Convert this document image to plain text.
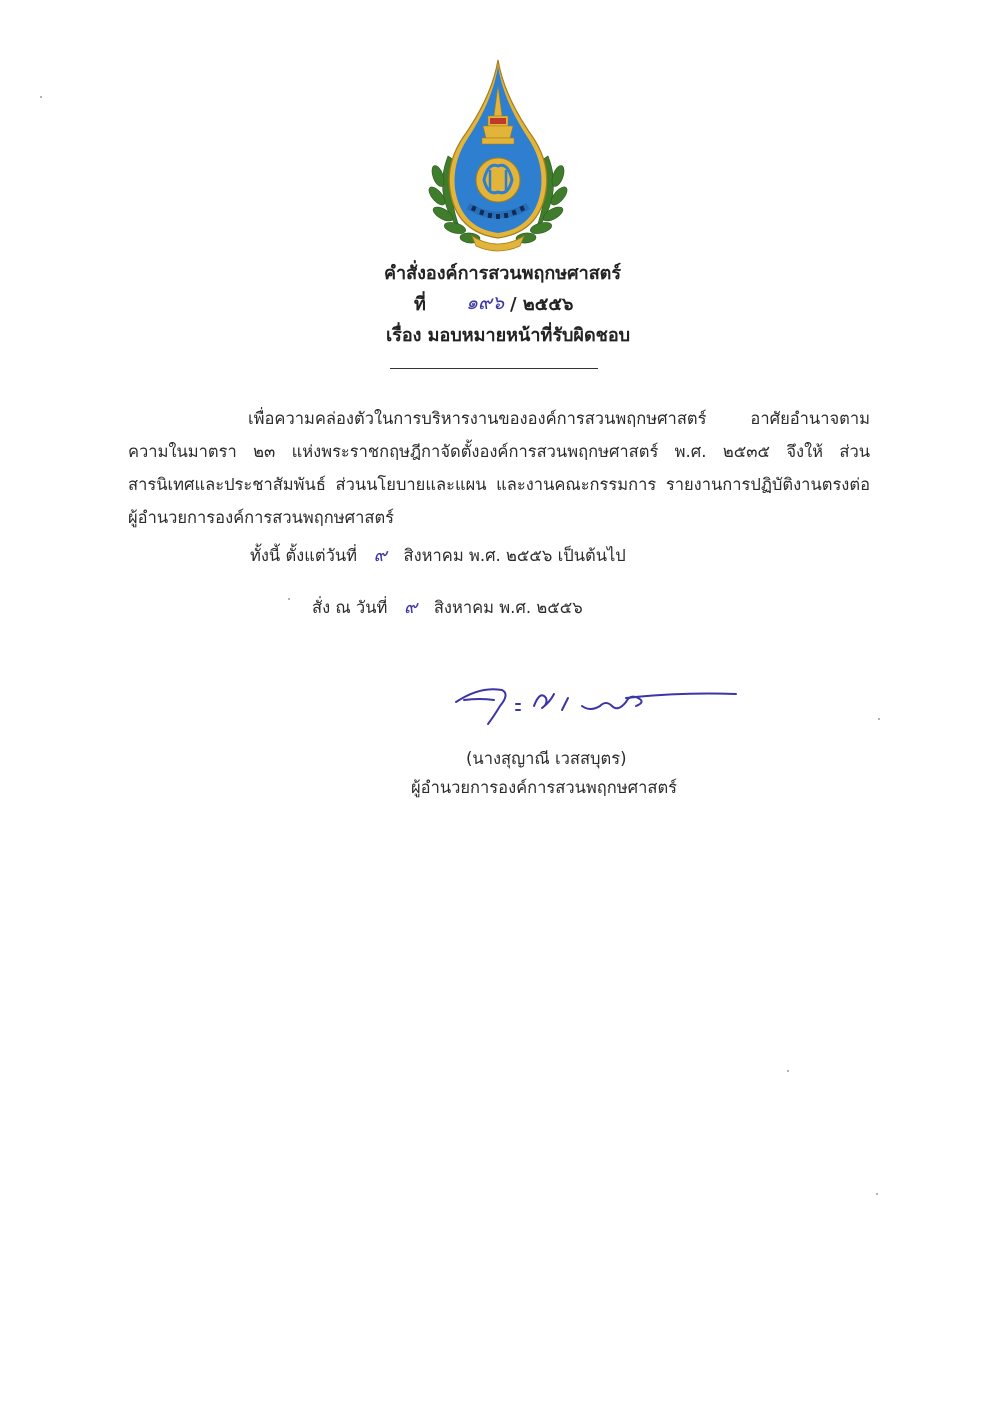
คำสั่งองค์การสวนพฤกษศาสตร์
ที่ ๑๙๖ / ๒๕๕๖
เรื่อง มอบหมายหน้าที่รับผิดชอบ
เพื่อความคล่องตัวในการบริหารงานขององค์การสวนพฤกษศาสตร์ อาศัยอำนาจตาม
ความในมาตรา ๒๓ แห่งพระราชกฤษฎีกาจัดตั้งองค์การสวนพฤกษศาสตร์ พ.ศ. ๒๕๓๕ จึงให้ ส่วน
สารนิเทศและประชาสัมพันธ์ ส่วนนโยบายและแผน และงานคณะกรรมการ รายงานการปฏิบัติงานตรงต่อ
ผู้อำนวยการองค์การสวนพฤกษศาสตร์
ทั้งนี้ ตั้งแต่วันที่ ๙ สิงหาคม พ.ศ. ๒๕๕๖ เป็นต้นไป
สั่ง ณ วันที่ ๙ สิงหาคม พ.ศ. ๒๕๕๖
(นางสุญาณี เวสสบุตร)
ผู้อำนวยการองค์การสวนพฤกษศาสตร์
